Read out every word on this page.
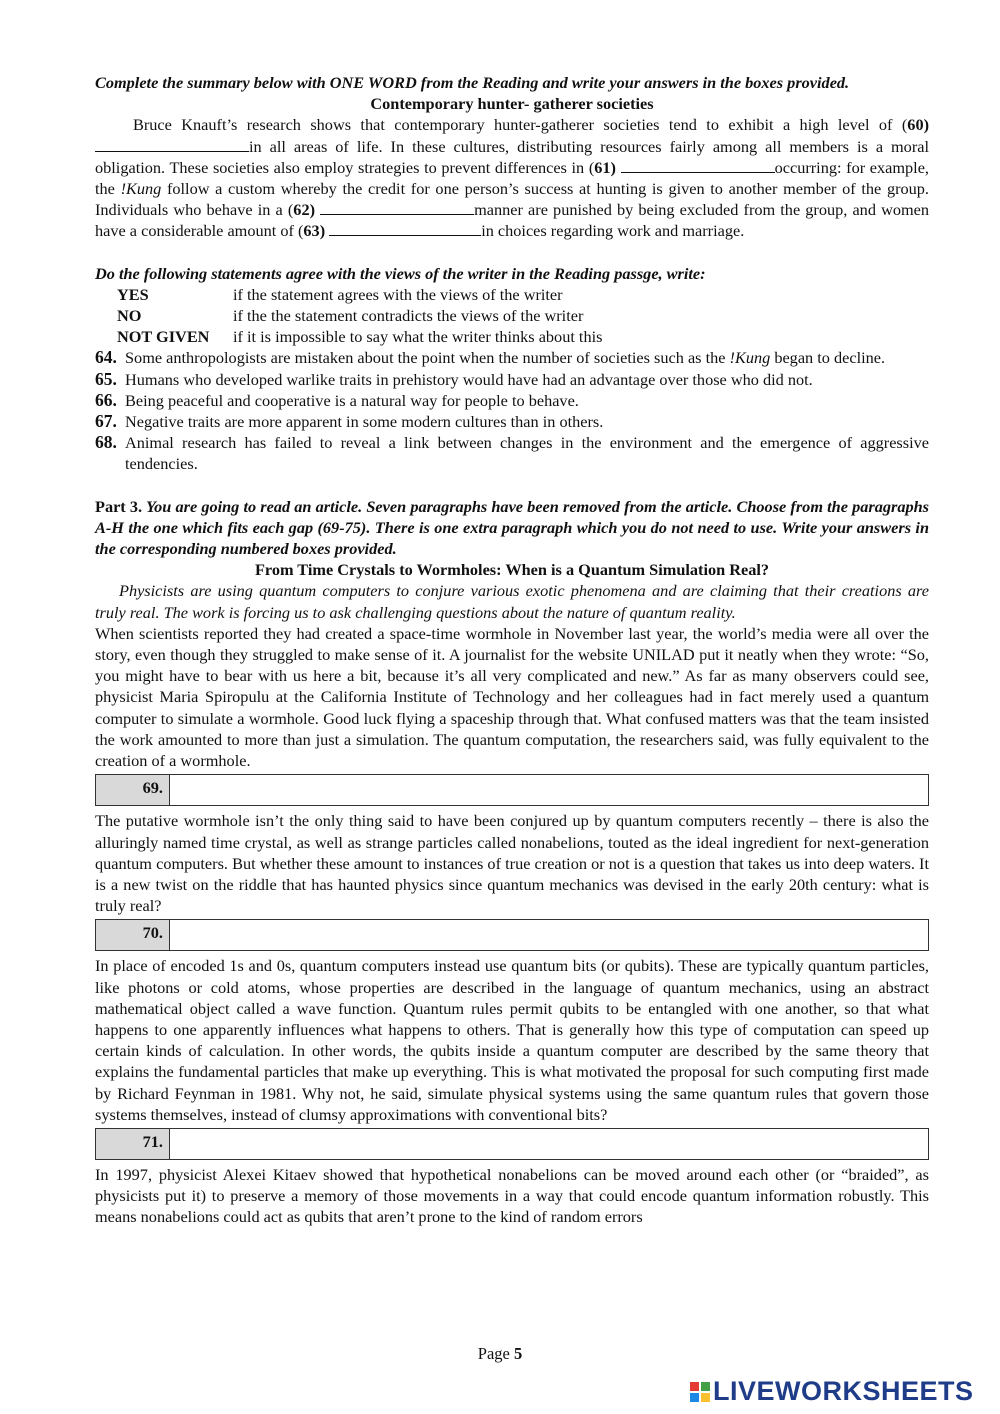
Complete the summary below with ONE WORD from the Reading and write your answers in the boxes provided.

Contemporary hunter- gatherer societies

Bruce Knauft’s research shows that contemporary hunter-gatherer societies tend to exhibit a high level of (60) in all areas of life. In these cultures, distributing resources fairly among all members is a moral obligation. These societies also employ strategies to prevent differences in (61)	occurring: for example, the !Kung follow a custom whereby the credit for one person’s success at hunting is given to another member of the group. Individuals who behave in a (62)	manner are punished by being excluded from the group, and women have a considerable amount of (63)	in choices regarding work and marriage.

Do the following statements agree with the views of the writer in the Reading passge, write:

YES	if the statement agrees with the views of the writer
NO	if the the statement contradicts the views of the writer
NOT GIVEN	if it is impossible to say what the writer thinks about this
64. Some anthropologists are mistaken about the point when the number of societies such as the !Kung began to decline.
65. Humans who developed warlike traits in prehistory would have had an advantage over those who did not.
66. Being peaceful and cooperative is a natural way for people to behave.
67. Negative traits are more apparent in some modern cultures than in others.
68. Animal research has failed to reveal a link between changes in the environment and the emergence of aggressive tendencies.

Part 3. You are going to read an article. Seven paragraphs have been removed from the article. Choose from the paragraphs A-H the one which fits each gap (69-75). There is one extra paragraph which you do not need to use. Write your answers in the corresponding numbered boxes provided.

From Time Crystals to Wormholes: When is a Quantum Simulation Real?

Physicists are using quantum computers to conjure various exotic phenomena and are claiming that their creations are truly real. The work is forcing us to ask challenging questions about the nature of quantum reality.

When scientists reported they had created a space-time wormhole in November last year, the world’s media were all over the story, even though they struggled to make sense of it. A journalist for the website UNILAD put it neatly when they wrote: “So, you might have to bear with us here a bit, because it’s all very complicated and new.” As far as many observers could see, physicist Maria Spiropulu at the California Institute of Technology and her colleagues had in fact merely used a quantum computer to simulate a wormhole. Good luck flying a spaceship through that. What confused matters was that the team insisted the work amounted to more than just a simulation. The quantum computation, the researchers said, was fully equivalent to the creation of a wormhole.

69.

The putative wormhole isn’t the only thing said to have been conjured up by quantum computers recently – there is also the alluringly named time crystal, as well as strange particles called nonabelions, touted as the ideal ingredient for next-generation quantum computers. But whether these amount to instances of true creation or not is a question that takes us into deep waters. It is a new twist on the riddle that has haunted physics since quantum mechanics was devised in the early 20th century: what is truly real?

70.

In place of encoded 1s and 0s, quantum computers instead use quantum bits (or qubits). These are typically quantum particles, like photons or cold atoms, whose properties are described in the language of quantum mechanics, using an abstract mathematical object called a wave function. Quantum rules permit qubits to be entangled with one another, so that what happens to one apparently influences what happens to others. That is generally how this type of computation can speed up certain kinds of calculation. In other words, the qubits inside a quantum computer are described by the same theory that explains the fundamental particles that make up everything. This is what motivated the proposal for such computing first made by Richard Feynman in 1981. Why not, he said, simulate physical systems using the same quantum rules that govern those systems themselves, instead of clumsy approximations with conventional bits?

71.

In 1997, physicist Alexei Kitaev showed that hypothetical nonabelions can be moved around each other (or “braided”, as physicists put it) to preserve a memory of those movements in a way that could encode quantum information robustly. This means nonabelions could act as qubits that aren’t prone to the kind of random errors

Page 5
LIVEWORKSHEETS
